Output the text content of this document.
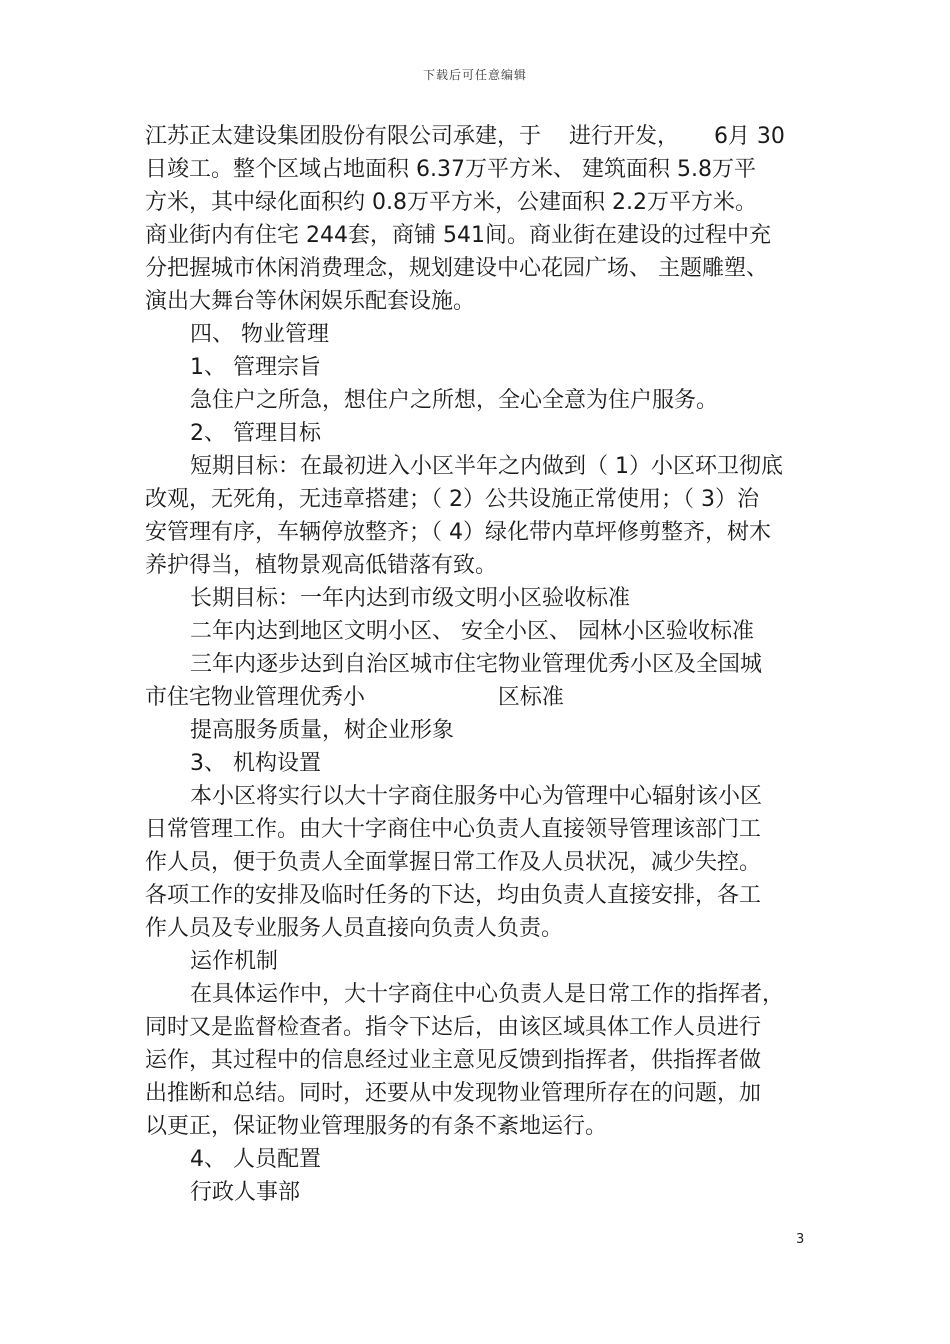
下载后可任意编辑
江苏正太建设集团股份有限公司承建，于    进行开发，     6月 30
日竣工。整个区域占地面积 6.37万平方米、 建筑面积 5.8万平
方米，其中绿化面积约 0.8万平方米，公建面积 2.2万平方米。
商业街内有住宅 244套，商铺 541间。商业街在建设的过程中充
分把握城市休闲消费理念，规划建设中心花园广场、 主题雕塑、
演出大舞台等休闲娱乐配套设施。
四、 物业管理
1、 管理宗旨
急住户之所急，想住户之所想，全心全意为住户服务。
2、 管理目标
短期目标：在最初进入小区半年之内做到（ 1）小区环卫彻底
改观，无死角，无违章搭建；（ 2）公共设施正常使用；（ 3）治
安管理有序，车辆停放整齐；（ 4）绿化带内草坪修剪整齐，树木
养护得当，植物景观高低错落有致。
长期目标：一年内达到市级文明小区验收标准
二年内达到地区文明小区、 安全小区、 园林小区验收标准
三年内逐步达到自治区城市住宅物业管理优秀小区及全国城
市住宅物业管理优秀小                   区标准
提高服务质量，树企业形象
3、 机构设置
本小区将实行以大十字商住服务中心为管理中心辐射该小区
日常管理工作。由大十字商住中心负责人直接领导管理该部门工
作人员，便于负责人全面掌握日常工作及人员状况，减少失控。
各项工作的安排及临时任务的下达，均由负责人直接安排，各工
作人员及专业服务人员直接向负责人负责。
运作机制
在具体运作中，大十字商住中心负责人是日常工作的指挥者，
同时又是监督检查者。指令下达后，由该区域具体工作人员进行
运作，其过程中的信息经过业主意见反馈到指挥者，供指挥者做
出推断和总结。同时，还要从中发现物业管理所存在的问题，加
以更正，保证物业管理服务的有条不紊地运行。
4、 人员配置
行政人事部
3
